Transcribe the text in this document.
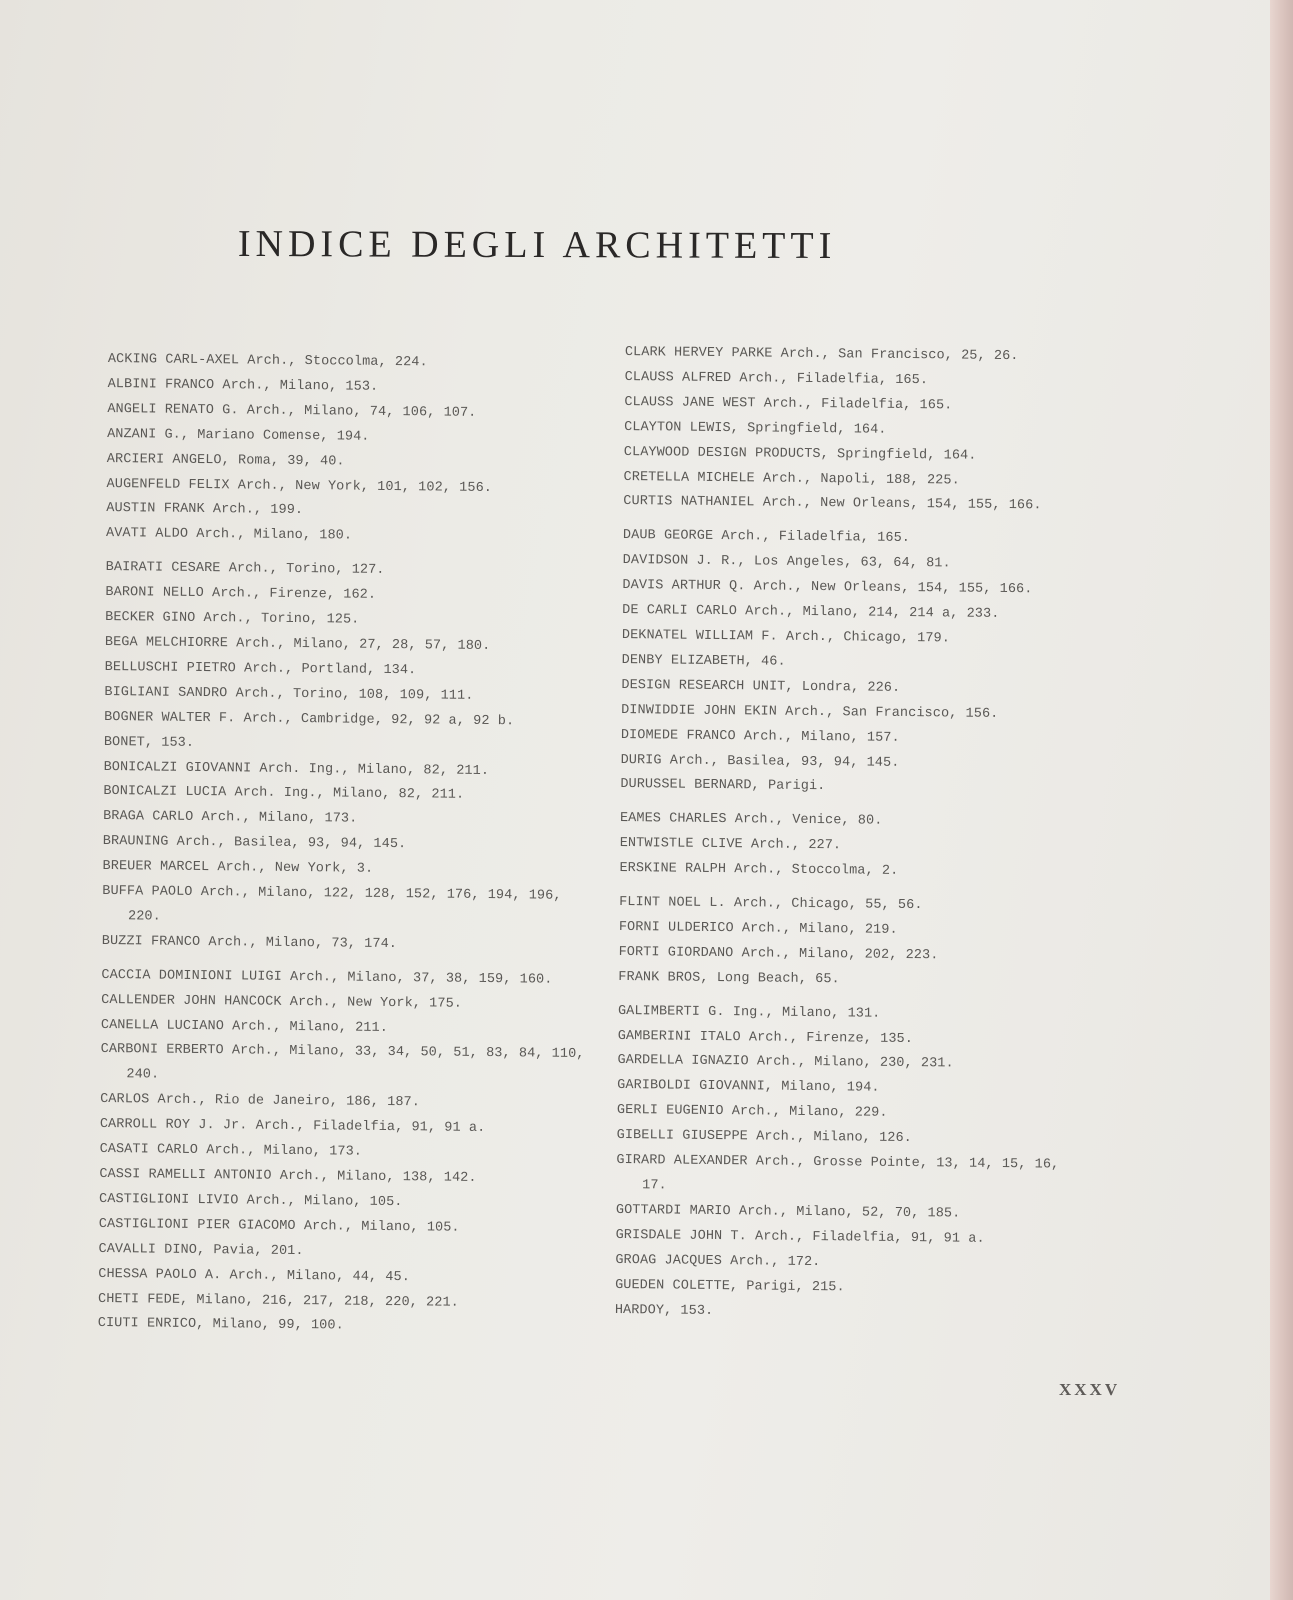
INDICE DEGLI ARCHITETTI
ACKING CARL-AXEL Arch., Stoccolma, 224.
ALBINI FRANCO Arch., Milano, 153.
ANGELI RENATO G. Arch., Milano, 74, 106, 107.
ANZANI G., Mariano Comense, 194.
ARCIERI ANGELO, Roma, 39, 40.
AUGENFELD FELIX Arch., New York, 101, 102, 156.
AUSTIN FRANK Arch., 199.
AVATI ALDO Arch., Milano, 180.
BAIRATI CESARE Arch., Torino, 127.
BARONI NELLO Arch., Firenze, 162.
BECKER GINO Arch., Torino, 125.
BEGA MELCHIORRE Arch., Milano, 27, 28, 57, 180.
BELLUSCHI PIETRO Arch., Portland, 134.
BIGLIANI SANDRO Arch., Torino, 108, 109, 111.
BOGNER WALTER F. Arch., Cambridge, 92, 92 a, 92 b.
BONET, 153.
BONICALZI GIOVANNI Arch. Ing., Milano, 82, 211.
BONICALZI LUCIA Arch. Ing., Milano, 82, 211.
BRAGA CARLO Arch., Milano, 173.
BRAUNING Arch., Basilea, 93, 94, 145.
BREUER MARCEL Arch., New York, 3.
BUFFA PAOLO Arch., Milano, 122, 128, 152, 176, 194, 196, 220.
BUZZI FRANCO Arch., Milano, 73, 174.
CACCIA DOMINIONI LUIGI Arch., Milano, 37, 38, 159, 160.
CALLENDER JOHN HANCOCK Arch., New York, 175.
CANELLA LUCIANO Arch., Milano, 211.
CARBONI ERBERTO Arch., Milano, 33, 34, 50, 51, 83, 84, 110, 240.
CARLOS Arch., Rio de Janeiro, 186, 187.
CARROLL ROY J. Jr. Arch., Filadelfia, 91, 91 a.
CASATI CARLO Arch., Milano, 173.
CASSI RAMELLI ANTONIO Arch., Milano, 138, 142.
CASTIGLIONI LIVIO Arch., Milano, 105.
CASTIGLIONI PIER GIACOMO Arch., Milano, 105.
CAVALLI DINO, Pavia, 201.
CHESSA PAOLO A. Arch., Milano, 44, 45.
CHETI FEDE, Milano, 216, 217, 218, 220, 221.
CIUTI ENRICO, Milano, 99, 100.
CLARK HERVEY PARKE Arch., San Francisco, 25, 26.
CLAUSS ALFRED Arch., Filadelfia, 165.
CLAUSS JANE WEST Arch., Filadelfia, 165.
CLAYTON LEWIS, Springfield, 164.
CLAYWOOD DESIGN PRODUCTS, Springfield, 164.
CRETELLA MICHELE Arch., Napoli, 188, 225.
CURTIS NATHANIEL Arch., New Orleans, 154, 155, 166.
DAUB GEORGE Arch., Filadelfia, 165.
DAVIDSON J. R., Los Angeles, 63, 64, 81.
DAVIS ARTHUR Q. Arch., New Orleans, 154, 155, 166.
DE CARLI CARLO Arch., Milano, 214, 214 a, 233.
DEKNATEL WILLIAM F. Arch., Chicago, 179.
DENBY ELIZABETH, 46.
DESIGN RESEARCH UNIT, Londra, 226.
DINWIDDIE JOHN EKIN Arch., San Francisco, 156.
DIOMEDE FRANCO Arch., Milano, 157.
DURIG Arch., Basilea, 93, 94, 145.
DURUSSEL BERNARD, Parigi.
EAMES CHARLES Arch., Venice, 80.
ENTWISTLE CLIVE Arch., 227.
ERSKINE RALPH Arch., Stoccolma, 2.
FLINT NOEL L. Arch., Chicago, 55, 56.
FORNI ULDERICO Arch., Milano, 219.
FORTI GIORDANO Arch., Milano, 202, 223.
FRANK BROS, Long Beach, 65.
GALIMBERTI G. Ing., Milano, 131.
GAMBERINI ITALO Arch., Firenze, 135.
GARDELLA IGNAZIO Arch., Milano, 230, 231.
GARIBOLDI GIOVANNI, Milano, 194.
GERLI EUGENIO Arch., Milano, 229.
GIBELLI GIUSEPPE Arch., Milano, 126.
GIRARD ALEXANDER Arch., Grosse Pointe, 13, 14, 15, 16, 17.
GOTTARDI MARIO Arch., Milano, 52, 70, 185.
GRISDALE JOHN T. Arch., Filadelfia, 91, 91 a.
GROAG JACQUES Arch., 172.
GUEDEN COLETTE, Parigi, 215.
HARDOY, 153.
XXXV
